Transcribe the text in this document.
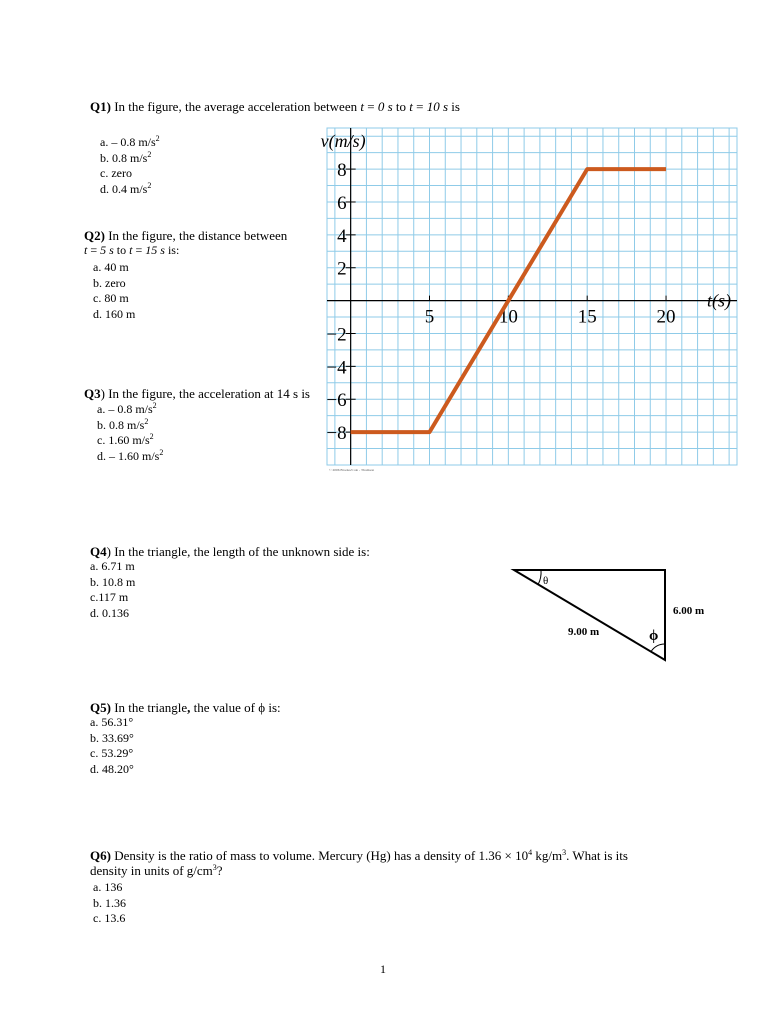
Q1) In the figure, the average acceleration between t = 0 s to t = 10 s is
a. – 0.8 $m/s^2$
b. 0.8 $m/s^2$
c. zero
d. 0.4 $m/s^2$
Q2) In the figure, the distance between
t = 5 s to t = 15 s is:
a. 40 m
b. zero
c. 80 m
d. 160 m
Q3) In the figure, the acceleration at 14 s is
a. – 0.8 $m/s^2$
b. 0.8 $m/s^2$
c. 1.60 $m/s^2$
d. – 1.60 $m/s^2$
5	10	15	20
8
6
4
2
−2
−4
−6
−8
v(m/s)
t(s)
© 2006 Brooks/Cole - Thomson
Q4) In the triangle, the length of the unknown side is:
a. 6.71 m
b. 10.8 m
c.117 m
d. 0.136
θ
ϕ
6.00 m
9.00 m
Q5) In the triangle, the value of ϕ is:
a. 56.31°
b. 33.69°
c. 53.29°
d. 48.20°
Q6) Density is the ratio of mass to volume. Mercury (Hg) has a density of $1.36 \times 10^4$ $kg/m^3$. What is its
density in units of $g/cm^3$?
a. 136
b. 1.36
c. 13.6
1
